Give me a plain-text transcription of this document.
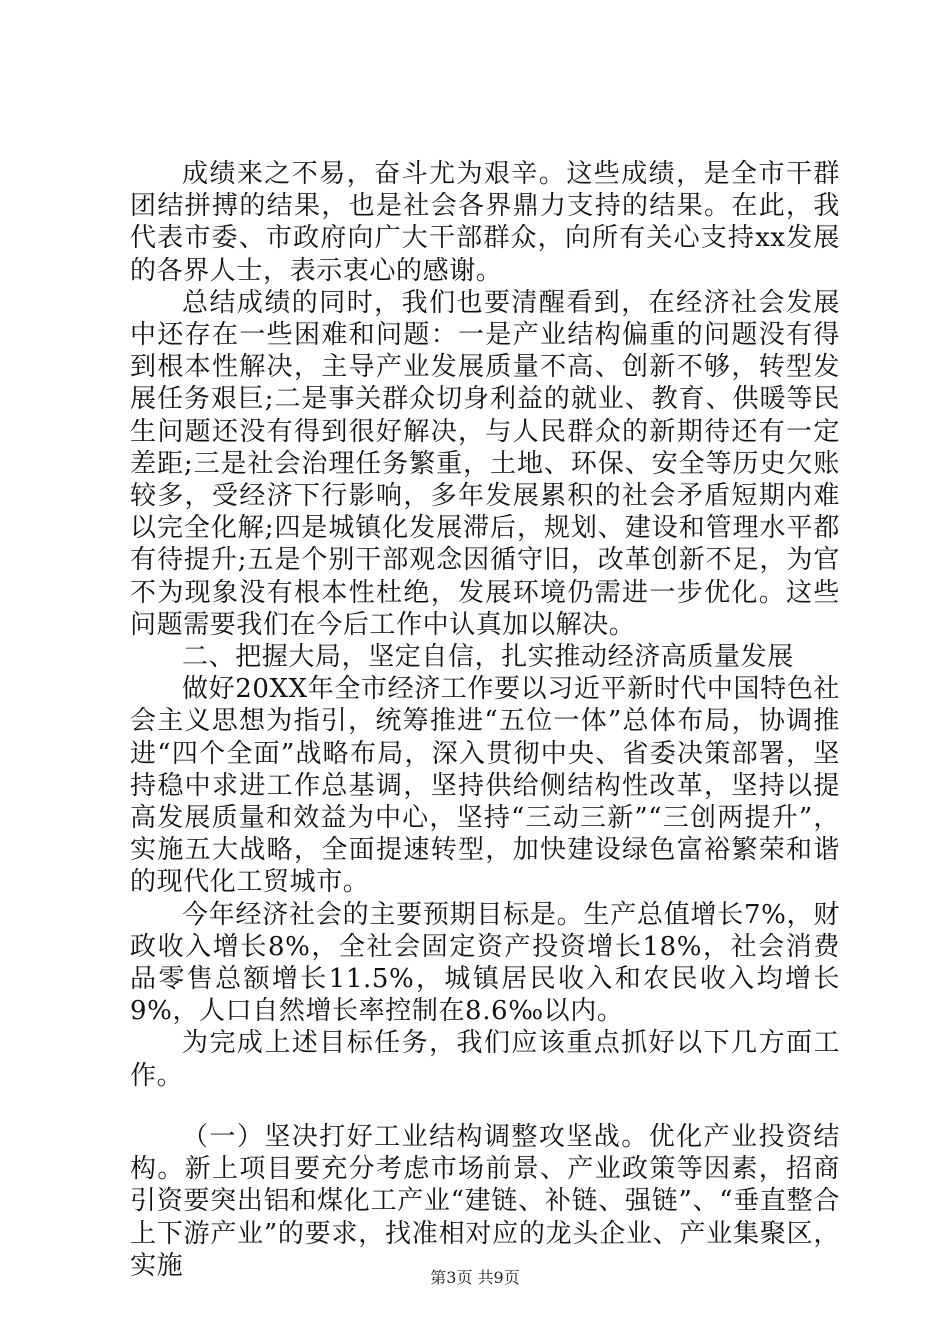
成绩来之不易，奋斗尤为艰辛。这些成绩，是全市干群团结拼搏的结果，也是社会各界鼎力支持的结果。在此，我代表市委、市政府向广大干部群众，向所有关心支持xx发展的各界人士，表示衷心的感谢。

总结成绩的同时，我们也要清醒看到，在经济社会发展中还存在一些困难和问题：一是产业结构偏重的问题没有得到根本性解决，主导产业发展质量不高、创新不够，转型发展任务艰巨;二是事关群众切身利益的就业、教育、供暖等民生问题还没有得到很好解决，与人民群众的新期待还有一定差距;三是社会治理任务繁重，土地、环保、安全等历史欠账较多，受经济下行影响，多年发展累积的社会矛盾短期内难以完全化解;四是城镇化发展滞后，规划、建设和管理水平都有待提升;五是个别干部观念因循守旧，改革创新不足，为官不为现象没有根本性杜绝，发展环境仍需进一步优化。这些问题需要我们在今后工作中认真加以解决。

二、把握大局，坚定自信，扎实推动经济高质量发展

做好20XX年全市经济工作要以习近平新时代中国特色社会主义思想为指引，统筹推进“五位一体”总体布局，协调推进“四个全面”战略布局，深入贯彻中央、省委决策部署，坚持稳中求进工作总基调，坚持供给侧结构性改革，坚持以提高发展质量和效益为中心，坚持“三动三新”“三创两提升”，实施五大战略，全面提速转型，加快建设绿色富裕繁荣和谐的现代化工贸城市。

今年经济社会的主要预期目标是。生产总值增长7%，财政收入增长8%，全社会固定资产投资增长18%，社会消费品零售总额增长11.5%，城镇居民收入和农民收入均增长9%，人口自然增长率控制在8.6‰以内。

为完成上述目标任务，我们应该重点抓好以下几方面工作。

（一）坚决打好工业结构调整攻坚战。优化产业投资结构。新上项目要充分考虑市场前景、产业政策等因素，招商引资要突出铝和煤化工产业“建链、补链、强链”、“垂直整合上下游产业”的要求，找准相对应的龙头企业、产业集聚区，实施	第3页 共9页
